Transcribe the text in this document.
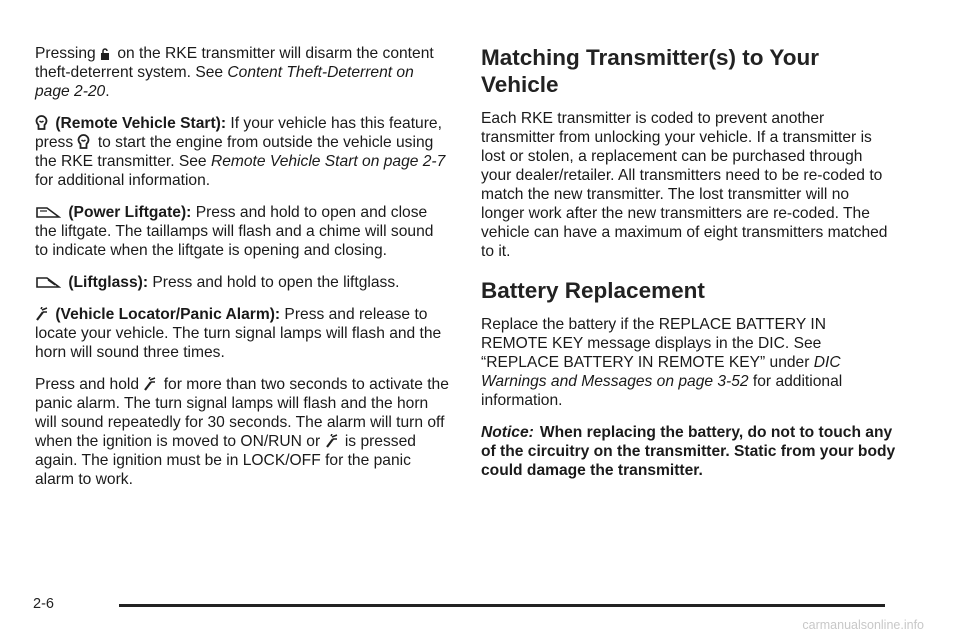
Pressing on the RKE transmitter will disarm the content theft-deterrent system. See Content Theft-Deterrent on page 2-20.

(Remote Vehicle Start): If your vehicle has this feature, press to start the engine from outside the vehicle using the RKE transmitter. See Remote Vehicle Start on page 2-7 for additional information.

(Power Liftgate): Press and hold to open and close the liftgate. The taillamps will flash and a chime will sound to indicate when the liftgate is opening and closing.

(Liftglass): Press and hold to open the liftglass.

(Vehicle Locator/Panic Alarm): Press and release to locate your vehicle. The turn signal lamps will flash and the horn will sound three times.

Press and hold for more than two seconds to activate the panic alarm. The turn signal lamps will flash and the horn will sound repeatedly for 30 seconds. The alarm will turn off when the ignition is moved to ON/RUN or is pressed again. The ignition must be in LOCK/OFF for the panic alarm to work.

Matching Transmitter(s) to Your Vehicle

Each RKE transmitter is coded to prevent another transmitter from unlocking your vehicle. If a transmitter is lost or stolen, a replacement can be purchased through your dealer/retailer. All transmitters need to be re-coded to match the new transmitter. The lost transmitter will no longer work after the new transmitters are re-coded. The vehicle can have a maximum of eight transmitters matched to it.

Battery Replacement

Replace the battery if the REPLACE BATTERY IN REMOTE KEY message displays in the DIC. See “REPLACE BATTERY IN REMOTE KEY” under DIC Warnings and Messages on page 3-52 for additional information.

Notice: When replacing the battery, do not to touch any of the circuitry on the transmitter. Static from your body could damage the transmitter.

2-6
carmanualsonline.info
